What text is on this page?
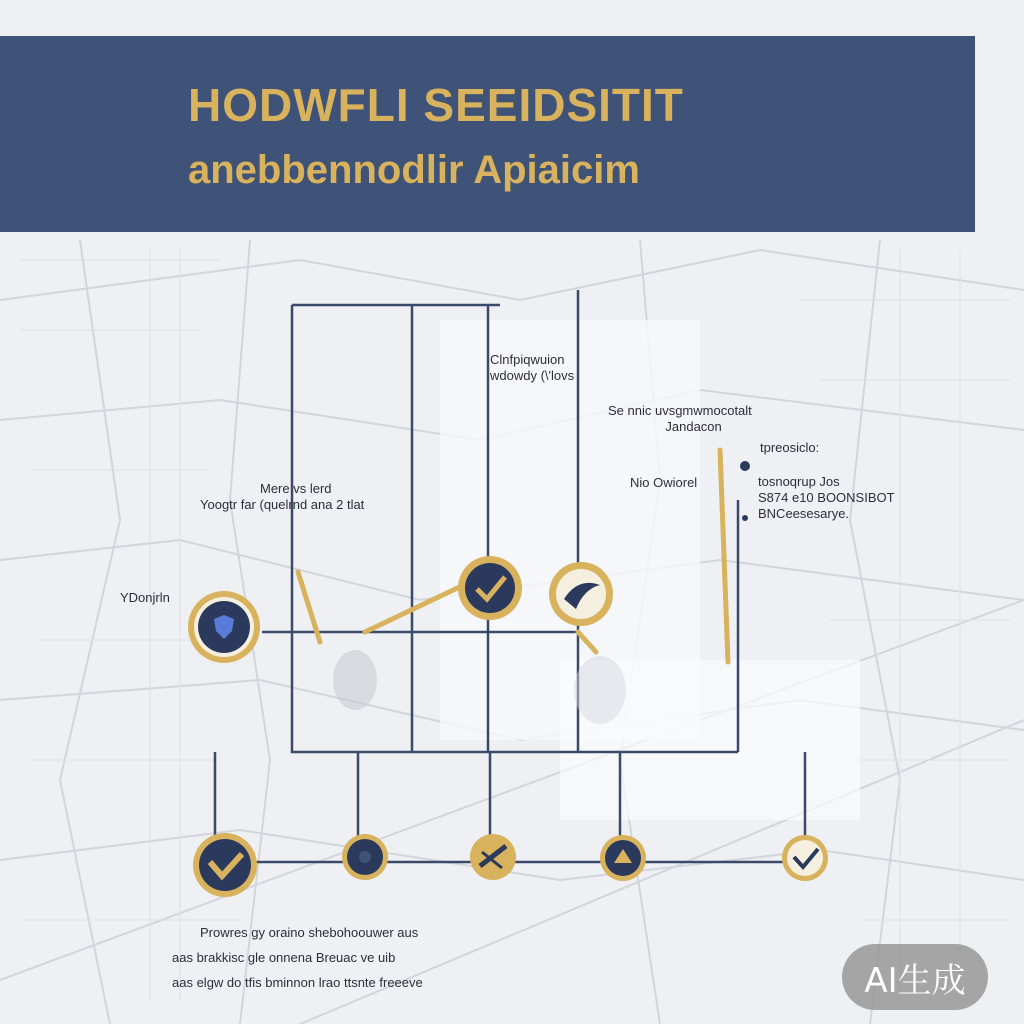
HODWFLI SEEIDSITIT
anebbennodlir Apiaicim
Clnfpiqwuion
wdowdy (\'lovs
Se nnic uvsgmwmocotalt
Jandacon
tpreosiclo:
Nio Owiorel	tosnoqrup Jos
S874 e10 BOONSIBOT
BNCeesesarye.
Mere vs lerd
Yoogtr far (quelrnd ana 2 tlat
YDonjrln
Prowres gy oraino shebohoouwer aus
aas brakkisc gle onnena Breuac ve uib
aas elgw do tfis bminnon lrao ttsnte freeeve	AI生成
